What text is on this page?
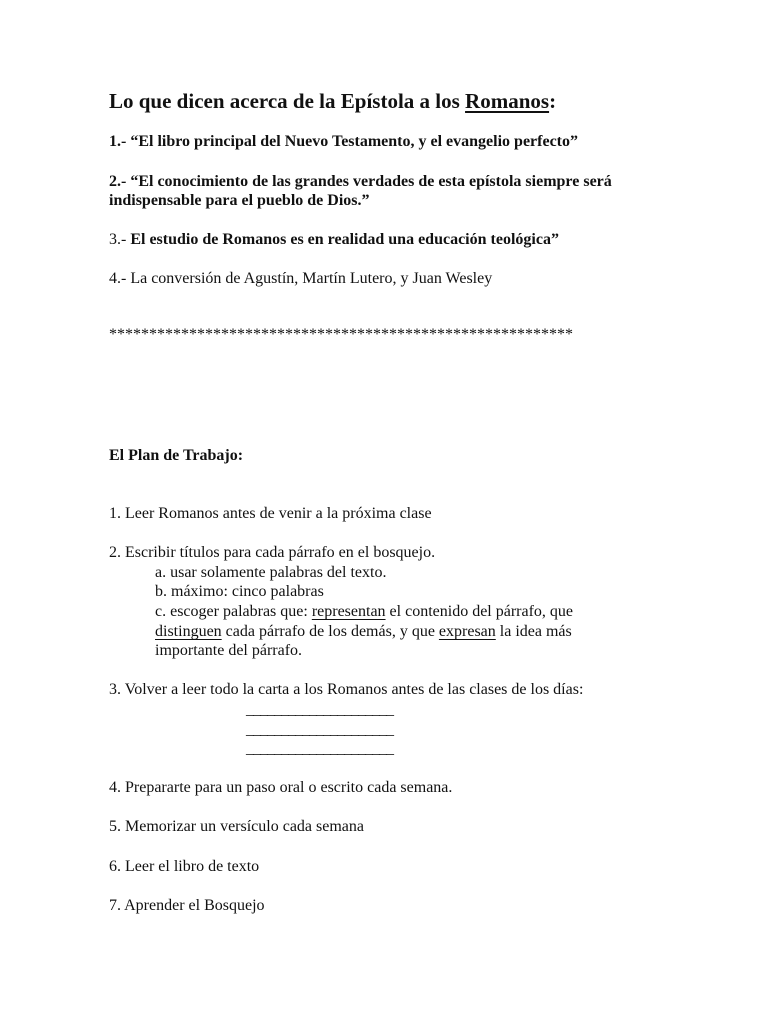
Lo que dicen acerca de la Epístola a los Romanos:
1.- “El libro principal del Nuevo Testamento, y el evangelio perfecto”
2.- “El conocimiento de las grandes verdades de esta epístola siempre será
indispensable para el pueblo de Dios.”
3.- El estudio de Romanos es en realidad una educación teológica”
4.- La conversión de Agustín, Martín Lutero, y Juan Wesley
**********************************************************
El Plan de Trabajo:
1. Leer Romanos antes de venir a la próxima clase
2. Escribir títulos para cada párrafo en el bosquejo.
a. usar solamente palabras del texto.
b. máximo: cinco palabras
c. escoger palabras que: representan el contenido del párrafo, que
distinguen cada párrafo de los demás, y que expresan la idea más
importante del párrafo.
3. Volver a leer todo la carta a los Romanos antes de las clases de los días:
_____________________
_____________________
_____________________
4. Prepararte para un paso oral o escrito cada semana.
5. Memorizar un versículo cada semana
6. Leer el libro de texto
7. Aprender el Bosquejo
